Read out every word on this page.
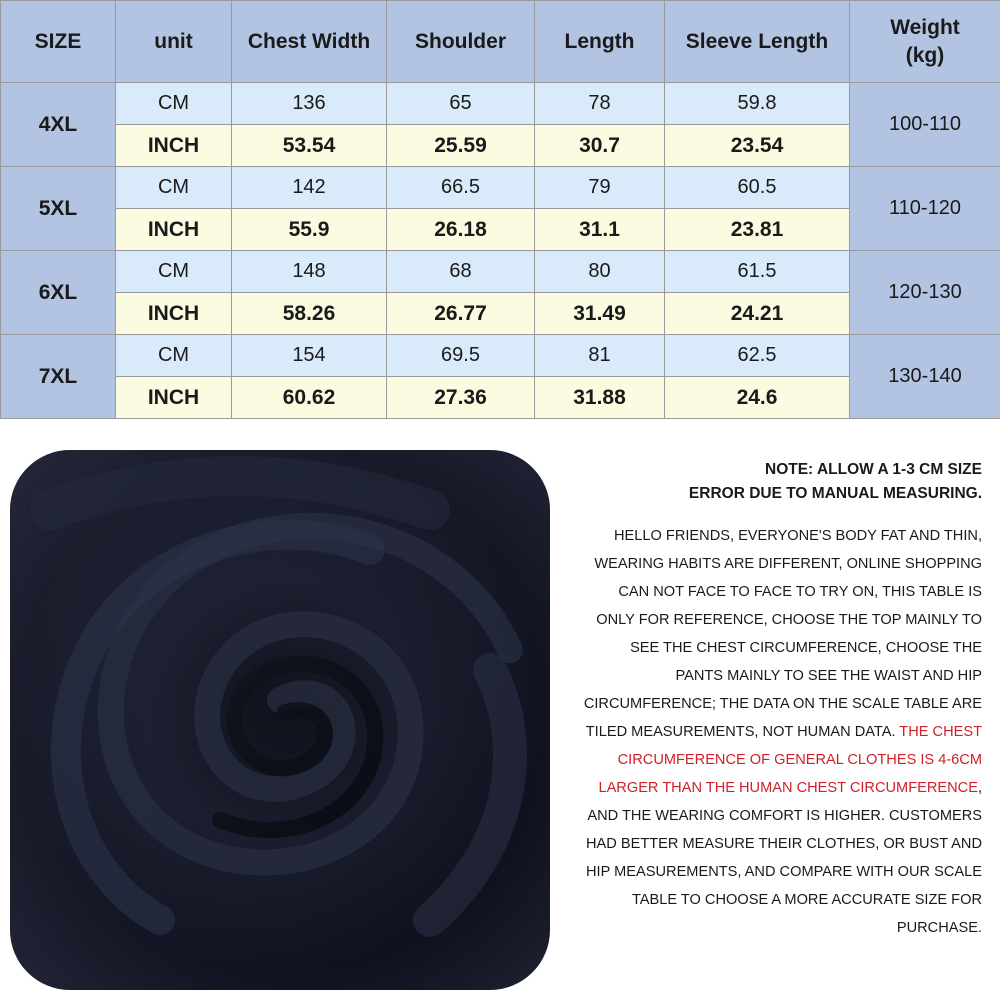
SIZE	unit	Chest Width	Shoulder	Length	Sleeve Length	Weight
(kg)
4XL	CM	136	65	78	59.8	100-110
	INCH	53.54	25.59	30.7	23.54	
5XL	CM	142	66.5	79	60.5	110-120
	INCH	55.9	26.18	31.1	23.81	
6XL	CM	148	68	80	61.5	120-130
	INCH	58.26	26.77	31.49	24.21	
7XL	CM	154	69.5	81	62.5	130-140
	INCH	60.62	27.36	31.88	24.6	

NOTE: ALLOW A 1-3 CM SIZE
ERROR DUE TO MANUAL MEASURING.

HELLO FRIENDS, EVERYONE'S BODY FAT AND THIN, WEARING HABITS ARE DIFFERENT, ONLINE SHOPPING CAN NOT FACE TO FACE TO TRY ON, THIS TABLE IS ONLY FOR REFERENCE, CHOOSE THE TOP MAINLY TO SEE THE CHEST CIRCUMFERENCE, CHOOSE THE PANTS MAINLY TO SEE THE WAIST AND HIP CIRCUMFERENCE; THE DATA ON THE SCALE TABLE ARE TILED MEASUREMENTS, NOT HUMAN DATA. THE CHEST CIRCUMFERENCE OF GENERAL CLOTHES IS 4-6CM LARGER THAN THE HUMAN CHEST CIRCUMFERENCE, AND THE WEARING COMFORT IS HIGHER. CUSTOMERS HAD BETTER MEASURE THEIR CLOTHES, OR BUST AND HIP MEASUREMENTS, AND COMPARE WITH OUR SCALE TABLE TO CHOOSE A MORE ACCURATE SIZE FOR PURCHASE.
